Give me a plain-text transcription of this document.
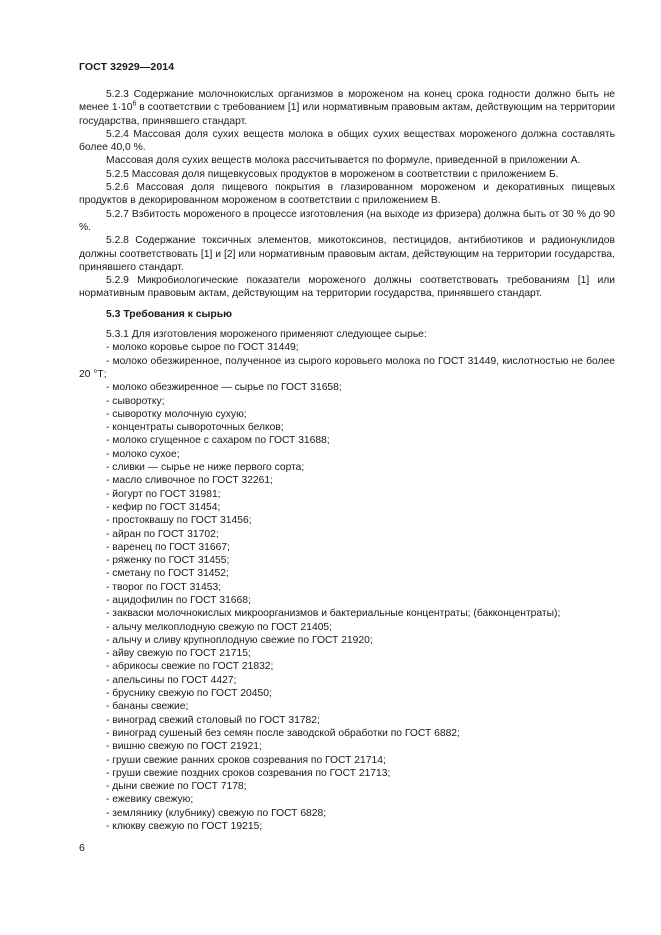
ГОСТ 32929—2014

5.2.3 Содержание молочнокислых организмов в мороженом на конец срока годности должно быть не менее $1\cdot 10^6$ в соответствии с требованием [1] или нормативным правовым актам, действующим на территории государства, принявшего стандарт.

5.2.4 Массовая доля сухих веществ молока в общих сухих веществах мороженого должна составлять более 40,0 %.

Массовая доля сухих веществ молока рассчитывается по формуле, приведенной в приложении А.

5.2.5 Массовая доля пищевкусовых продуктов в мороженом в соответствии с приложением Б.

5.2.6 Массовая доля пищевого покрытия в глазированном мороженом и декоративных пищевых продуктов в декорированном мороженом в соответствии с приложением В.

5.2.7 Взбитость мороженого в процессе изготовления (на выходе из фризера) должна быть от 30 % до 90 %.

5.2.8 Содержание токсичных элементов, микотоксинов, пестицидов, антибиотиков и радионуклидов должны соответствовать [1] и [2] или нормативным правовым актам, действующим на территории государства, принявшего стандарт.

5.2.9 Микробиологические показатели мороженого должны соответствовать требованиям [1] или нормативным правовым актам, действующим на территории государства, принявшего стандарт.

5.3 Требования к сырью

5.3.1 Для изготовления мороженого применяют следующее сырье:

- молоко коровье сырое по ГОСТ 31449;
- молоко обезжиренное, полученное из сырого коровьего молока по ГОСТ 31449, кислотностью не более 20 °Т;
- молоко обезжиренное — сырье по ГОСТ 31658;
- сыворотку;
- сыворотку молочную сухую;
- концентраты сывороточных белков;
- молоко сгущенное с сахаром по ГОСТ 31688;
- молоко сухое;
- сливки — сырье не ниже первого сорта;
- масло сливочное по ГОСТ 32261;
- йогурт по ГОСТ 31981;
- кефир по ГОСТ 31454;
- простоквашу по ГОСТ 31456;
- айран по ГОСТ 31702;
- варенец по ГОСТ 31667;
- ряженку по ГОСТ 31455;
- сметану по ГОСТ 31452;
- творог по ГОСТ 31453;
- ацидофилин по ГОСТ 31668;
- закваски молочнокислых микроорганизмов и бактериальные концентраты; (бакконцентраты);
- алычу мелкоплодную свежую по ГОСТ 21405;
- алычу и сливу крупноплодную свежие по ГОСТ 21920;
- айву свежую по ГОСТ 21715;
- абрикосы свежие по ГОСТ 21832;
- апельсины по ГОСТ 4427;
- бруснику свежую по ГОСТ 20450;
- бананы свежие;
- виноград свежий столовый по ГОСТ 31782;
- виноград сушеный без семян после заводской обработки по ГОСТ 6882;
- вишню свежую по ГОСТ 21921;
- груши свежие ранних сроков созревания по ГОСТ 21714;
- груши свежие поздних сроков созревания по ГОСТ 21713;
- дыни свежие по ГОСТ 7178;
- ежевику свежую;
- землянику (клубнику) свежую по ГОСТ 6828;
- клюкву свежую по ГОСТ 19215;
6
